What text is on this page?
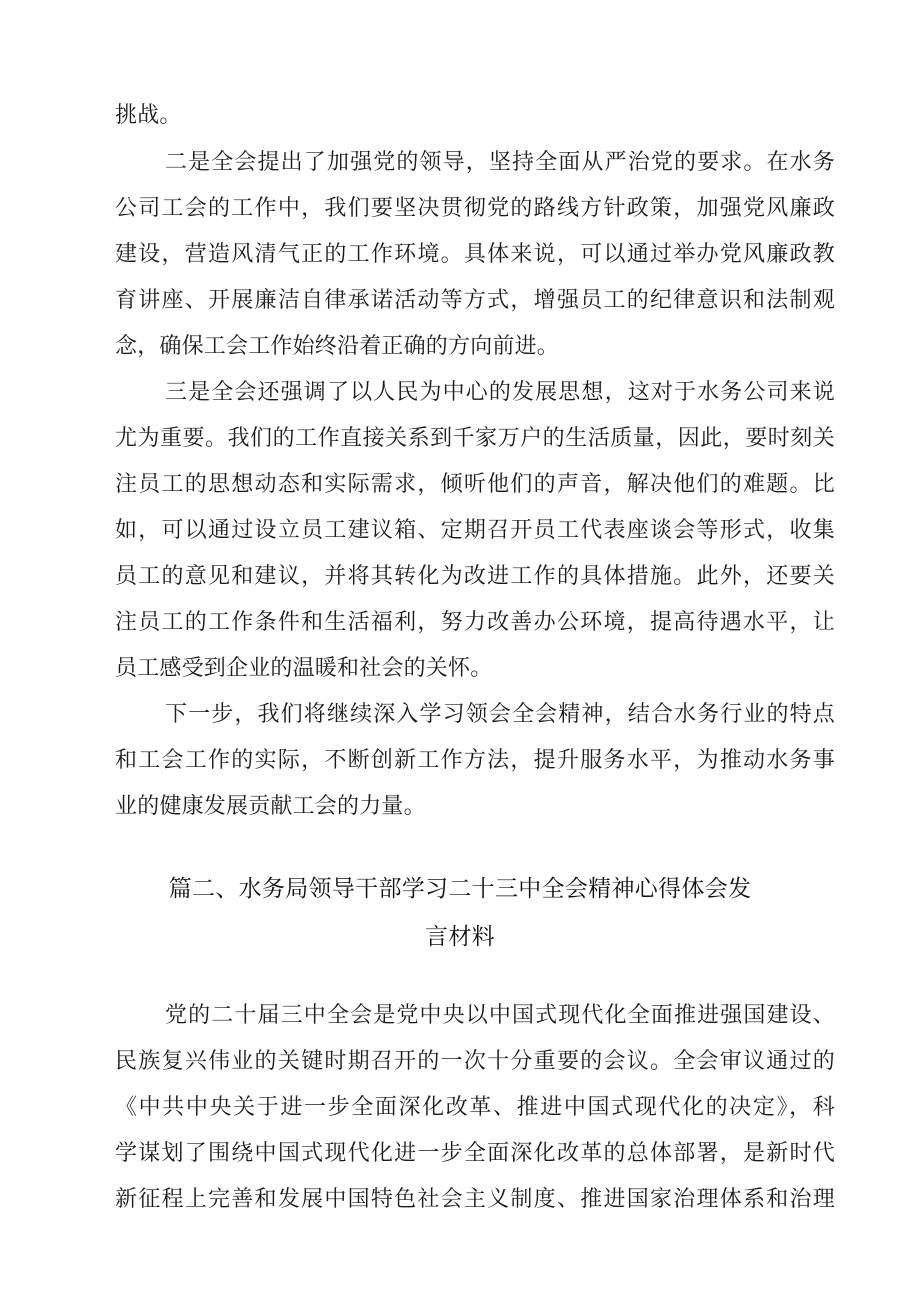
挑战。
二是全会提出了加强党的领导，坚持全面从严治党的要求。在水务
公司工会的工作中，我们要坚决贯彻党的路线方针政策，加强党风廉政
建设，营造风清气正的工作环境。具体来说，可以通过举办党风廉政教
育讲座、开展廉洁自律承诺活动等方式，增强员工的纪律意识和法制观
念，确保工会工作始终沿着正确的方向前进。
三是全会还强调了以人民为中心的发展思想，这对于水务公司来说
尤为重要。我们的工作直接关系到千家万户的生活质量，因此，要时刻关
注员工的思想动态和实际需求，倾听他们的声音，解决他们的难题。比
如，可以通过设立员工建议箱、定期召开员工代表座谈会等形式，收集
员工的意见和建议，并将其转化为改进工作的具体措施。此外，还要关
注员工的工作条件和生活福利，努力改善办公环境，提高待遇水平，让
员工感受到企业的温暖和社会的关怀。
下一步，我们将继续深入学习领会全会精神，结合水务行业的特点
和工会工作的实际，不断创新工作方法，提升服务水平，为推动水务事
业的健康发展贡献工会的力量。
篇二、水务局领导干部学习二十三中全会精神心得体会发
言材料
党的二十届三中全会是党中央以中国式现代化全面推进强国建设、
民族复兴伟业的关键时期召开的一次十分重要的会议。全会审议通过的
《中共中央关于进一步全面深化改革、推进中国式现代化的决定》，科
学谋划了围绕中国式现代化进一步全面深化改革的总体部署，是新时代
新征程上完善和发展中国特色社会主义制度、推进国家治理体系和治理
